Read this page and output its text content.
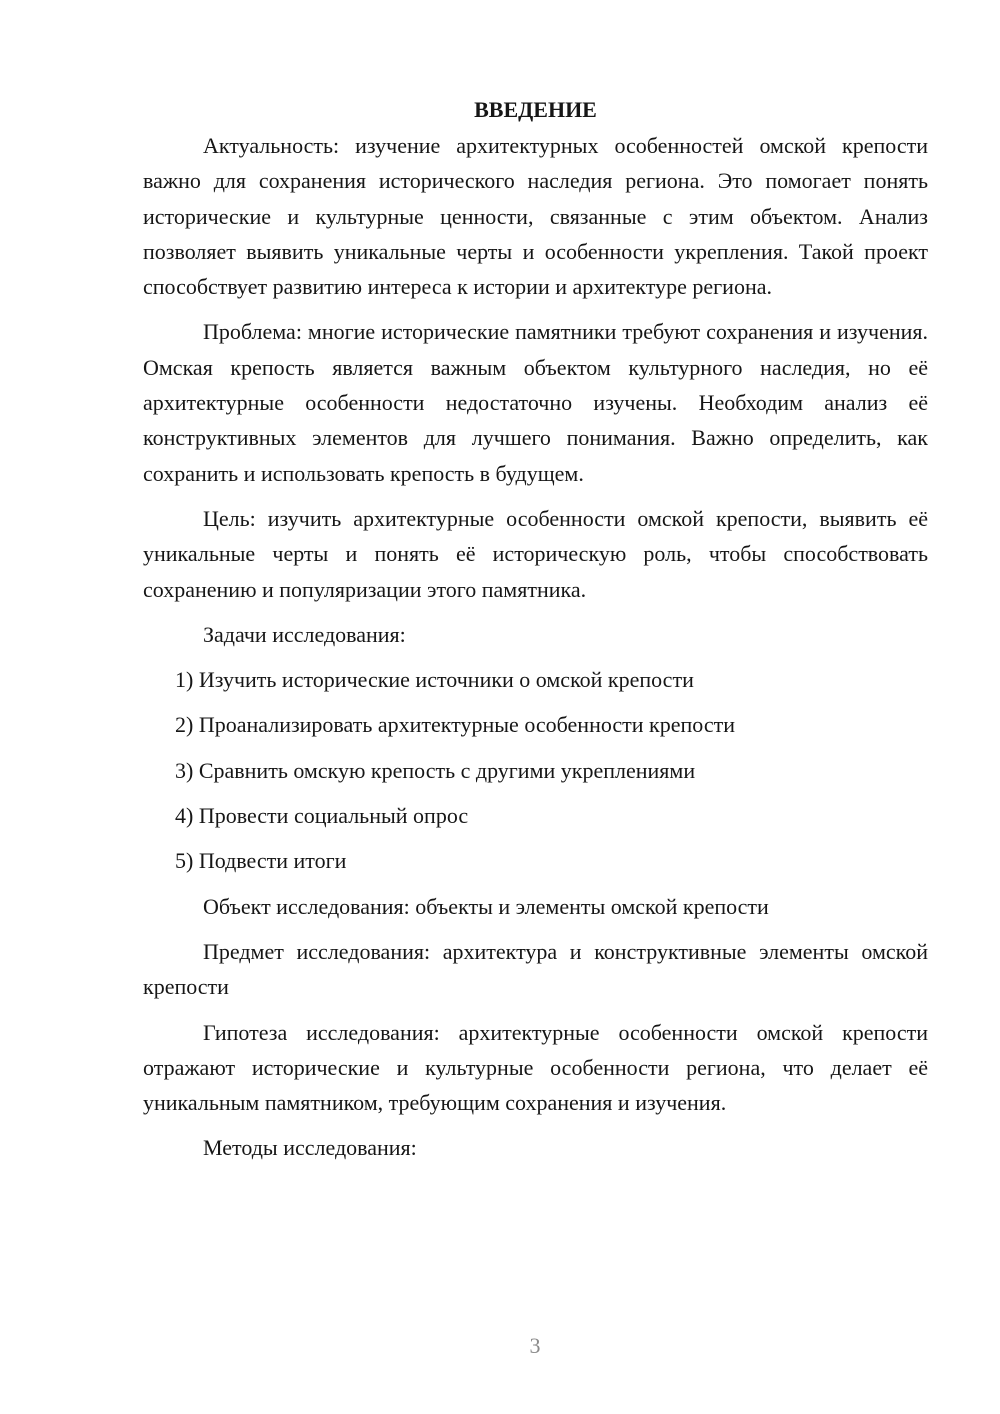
ВВЕДЕНИЕ

Актуальность: изучение архитектурных особенностей омской крепости важно для сохранения исторического наследия региона. Это помогает понять исторические и культурные ценности, связанные с этим объектом. Анализ позволяет выявить уникальные черты и особенности укрепления. Такой проект способствует развитию интереса к истории и архитектуре региона.

Проблема: многие исторические памятники требуют сохранения и изучения. Омская крепость является важным объектом культурного наследия, но её архитектурные особенности недостаточно изучены. Необходим анализ её конструктивных элементов для лучшего понимания. Важно определить, как сохранить и использовать крепость в будущем.

Цель: изучить архитектурные особенности омской крепости, выявить её уникальные черты и понять её историческую роль, чтобы способствовать сохранению и популяризации этого памятника.

Задачи исследования:

1) Изучить исторические источники о омской крепости
2) Проанализировать архитектурные особенности крепости
3) Сравнить омскую крепость с другими укреплениями
4) Провести социальный опрос
5) Подвести итоги

Объект исследования: объекты и элементы омской крепости

Предмет исследования: архитектура и конструктивные элементы омской крепости

Гипотеза исследования: архитектурные особенности омской крепости отражают исторические и культурные особенности региона, что делает её уникальным памятником, требующим сохранения и изучения.

Методы исследования:

3
